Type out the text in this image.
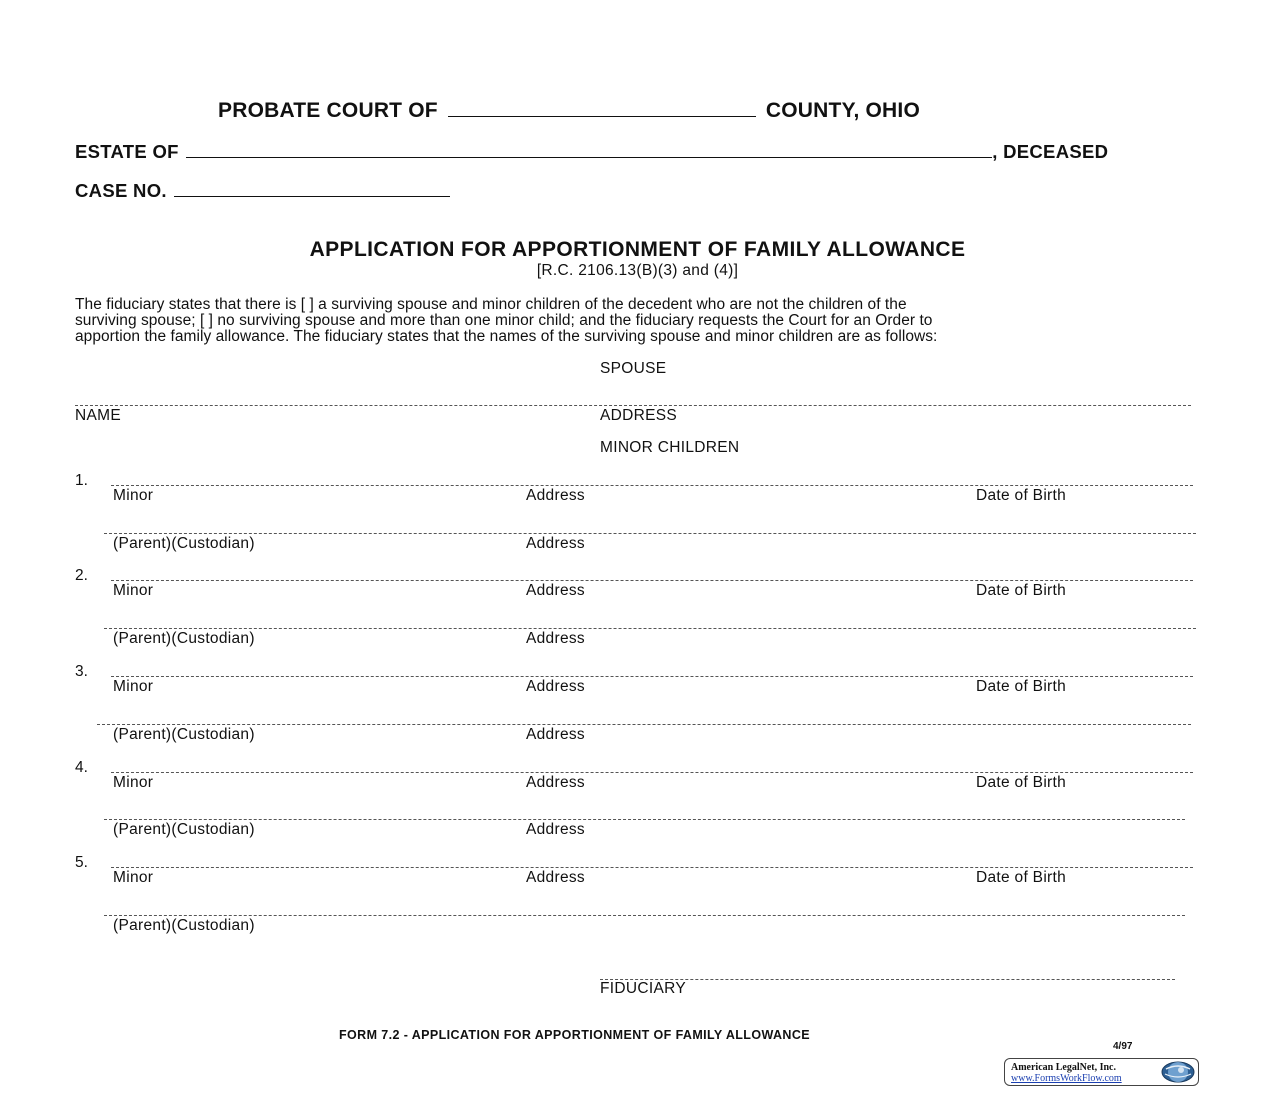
PROBATE COURT OF	COUNTY, OHIO
ESTATE OF	, DECEASED
CASE NO.
APPLICATION FOR APPORTIONMENT OF FAMILY ALLOWANCE
[R.C. 2106.13(B)(3) and (4)]

The fiduciary states that there is [ ] a surviving spouse and minor children of the decedent who are not the children of the

surviving spouse; [ ] no surviving spouse and more than one minor child; and the fiduciary requests the Court for an Order to

apportion the family allowance. The fiduciary states that the names of the surviving spouse and minor children are as follows:

SPOUSE
NAME	ADDRESS
MINOR CHILDREN
1.
Minor	Address	Date of Birth
(Parent)(Custodian)	Address
2.
Minor	Address	Date of Birth
(Parent)(Custodian)	Address
3.
Minor	Address	Date of Birth
(Parent)(Custodian)	Address
4.
Minor	Address	Date of Birth
(Parent)(Custodian)	Address
5.
Minor	Address	Date of Birth
(Parent)(Custodian)
FIDUCIARY
FORM 7.2 - APPLICATION FOR APPORTIONMENT OF FAMILY ALLOWANCE
4/97
American LegalNet, Inc.
www.FormsWorkFlow.com
